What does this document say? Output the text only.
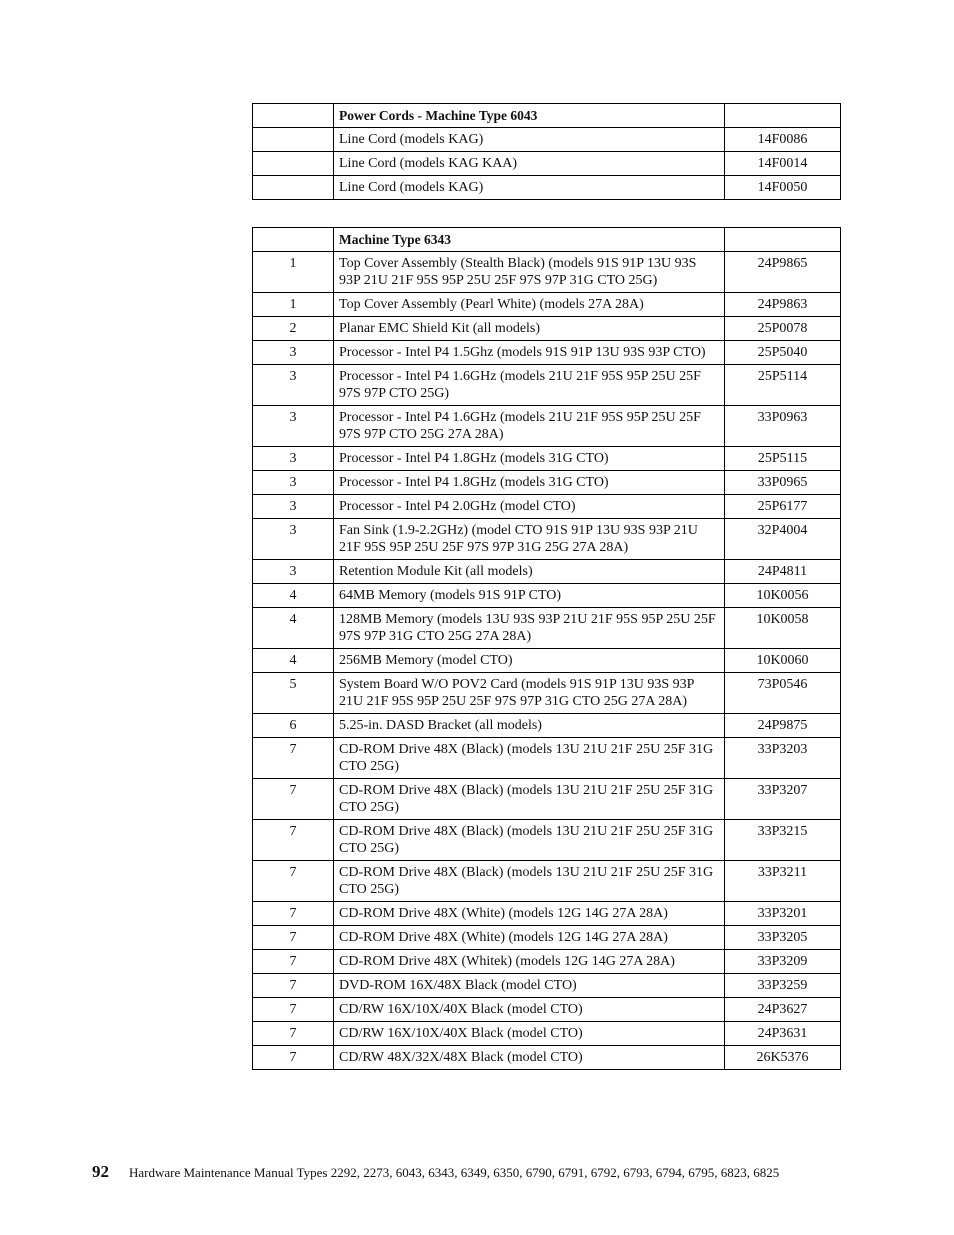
	Power Cords - Machine Type 6043	
	Line Cord (models KAG)	14F0086
	Line Cord (models KAG KAA)	14F0014
	Line Cord (models KAG)	14F0050
	Machine Type 6343	
1	Top Cover Assembly (Stealth Black) (models 91S 91P 13U 93S 93P 21U 21F 95S 95P 25U 25F 97S 97P 31G CTO 25G)	24P9865
1	Top Cover Assembly (Pearl White) (models 27A 28A)	24P9863
2	Planar EMC Shield Kit (all models)	25P0078
3	Processor - Intel P4 1.5Ghz (models 91S 91P 13U 93S 93P CTO)	25P5040
3	Processor - Intel P4 1.6GHz (models 21U 21F 95S 95P 25U 25F 97S 97P CTO 25G)	25P5114
3	Processor - Intel P4 1.6GHz (models 21U 21F 95S 95P 25U 25F 97S 97P CTO 25G 27A 28A)	33P0963
3	Processor - Intel P4 1.8GHz (models 31G CTO)	25P5115
3	Processor - Intel P4 1.8GHz (models 31G CTO)	33P0965
3	Processor - Intel P4 2.0GHz (model CTO)	25P6177
3	Fan Sink (1.9-2.2GHz) (model CTO 91S 91P 13U 93S 93P 21U 21F 95S 95P 25U 25F 97S 97P 31G 25G 27A 28A)	32P4004
3	Retention Module Kit (all models)	24P4811
4	64MB Memory (models 91S 91P CTO)	10K0056
4	128MB Memory (models 13U 93S 93P 21U 21F 95S 95P 25U 25F 97S 97P 31G CTO 25G 27A 28A)	10K0058
4	256MB Memory (model CTO)	10K0060
5	System Board W/O POV2 Card (models 91S 91P 13U 93S 93P 21U 21F 95S 95P 25U 25F 97S 97P 31G CTO 25G 27A 28A)	73P0546
6	5.25-in. DASD Bracket (all models)	24P9875
7	CD-ROM Drive 48X (Black) (models 13U 21U 21F 25U 25F 31G CTO 25G)	33P3203
7	CD-ROM Drive 48X (Black) (models 13U 21U 21F 25U 25F 31G CTO 25G)	33P3207
7	CD-ROM Drive 48X (Black) (models 13U 21U 21F 25U 25F 31G CTO 25G)	33P3215
7	CD-ROM Drive 48X (Black) (models 13U 21U 21F 25U 25F 31G CTO 25G)	33P3211
7	CD-ROM Drive 48X (White) (models 12G 14G 27A 28A)	33P3201
7	CD-ROM Drive 48X (White) (models 12G 14G 27A 28A)	33P3205
7	CD-ROM Drive 48X (Whitek) (models 12G 14G 27A 28A)	33P3209
7	DVD-ROM 16X/48X Black (model CTO)	33P3259
7	CD/RW 16X/10X/40X Black (model CTO)	24P3627
7	CD/RW 16X/10X/40X Black (model CTO)	24P3631
7	CD/RW 48X/32X/48X Black (model CTO)	26K5376
92	Hardware Maintenance Manual Types 2292, 2273, 6043, 6343, 6349, 6350, 6790, 6791, 6792, 6793, 6794, 6795, 6823, 6825
